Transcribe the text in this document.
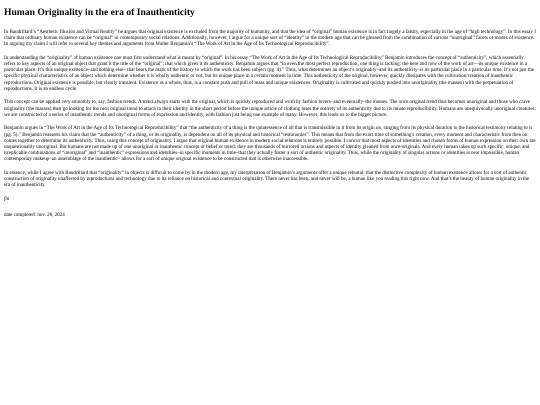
Human Originality in the era of Inauthenticity

In Baudrillard’s “Aesthetic Illusion and Virtual Reality” he argues that original existence is excluded from the majority of humanity, and that the idea of “original” human existence is in fact largely a falsity, especially in the age of “high technology”. In this essay I claim that ordinary human existence can be “original” in contemporary social relations. Additionally, however, I argue for a unique sort of “identity” in the modern age that can be gleaned from the combination of various “unoriginal” facets or modes of existence. In arguing my claim I will refer to several key themes and arguments from Walter Benjamin’s “The Work of Art in the Age of Its Technological Reproducibility”.

In understanding the “originality” of human existence one must first understand what is meant by “original”. In his essay “The Work of Art in the Age of Its Technological Reproducibility” Benjamin introduces the concept of “authenticity”, which essentially refers to key aspects of an original object that grant it the title of the “original”; that which gives it its authenticity. Benjamin argues that “in even the most perfect reproduction, one thing is lacking: the here and now of the work of art—its unique existence in a particular place. It’s this unique existence–and nothing else– that bears the mark of the history to which the work has been subject (pg. 4).” Thus, what determines an object’s originality–and its authenticity–is its particular place in a particular time. It’s not just the specific physical characteristics of an object which determine whether it is wholly authentic or not, but its unique place in a certain moment in time. This authenticity of the original, however, quickly dissipates with the cultivation/creation of inauthentic reproductions. Original existence is possible, but clearly transient. Existence as a whole, thus, is a constant push and pull of mass and unique existences. Originality is cultivated and quickly pushed into unoriginality (the masses) with the perpetuation of reproductions. It is an endless cycle.

This concept can be applied very smoothly to, say, fashion trends. A trend always starts with the original, which is quickly reproduced and worn by fashion lovers–and eventually–the masses. The once original trend thus becomes unoriginal and those who crave originality (the masses) then go looking for the next original trend to attach to their identity in the short period before the unique article of clothing loses the entirety of its authenticity due to its innate reproducibility. Humans are unequivocally unoriginal creatures: we are constructed of a series of inauthentic trends and unoriginal forms of expression and identity, with fashion just being one example of many. However, this leads us to the bigger picture.

Benjamin argues in “The Work of Art in the Age of Its Technological Reproducibility” that “the authenticity of a thing is the quintessence of all that is transmissible in it from its origin on, ranging from its physical duration to the historical testimony relating to it (pg. 5).” Benjamin reasserts his claim that the “authenticity” of a thing, or its originality, is dependent on all of its physical and historical “testimonies”. This means that from the exact time of something's creation, every moment and characteristic from then on comes together to determine its authenticity. Thus, using this concept of originality, I argue that original human existence in modern social relations is entirely possible. I concur that most aspects of identities and chosen forms of human expression on their own are unquestionably unoriginal. But humans are not made up of one unoriginal or inauthentic concept or belief or trend: they are thousands of mirrored actions and aspects of identity gleaned from once-originals. And every human takes up such specific, unique, and irreplicable combinations of “unoriginal” and “inauthentic” expressions and identities–in specific moments in time–that they actually foster a sort of authentic originality. Thus, while the originality of singular actions or identities is near impossible, human contemporary makeup–an assemblage of the inauthentic– allows for a sort of unique original existence to be constructed that is otherwise inaccessible.

In essence, while I agree with Baudrillard that “originality” in objects is difficult to come by in the modern age, my interpretation of Benjamin’s arguments offer a unique rebuttal: that the distinctive complexity of human existence allows for a sort of authentic construction of originality unaffected by reproductions and technology due to its reliance on historical and contextual originality. There never has been, and never will be, a human like you reading this right now. And that’s the beauty of human originality in the era of inauthenticity.

fin

date completed: nov. 28, 2024
